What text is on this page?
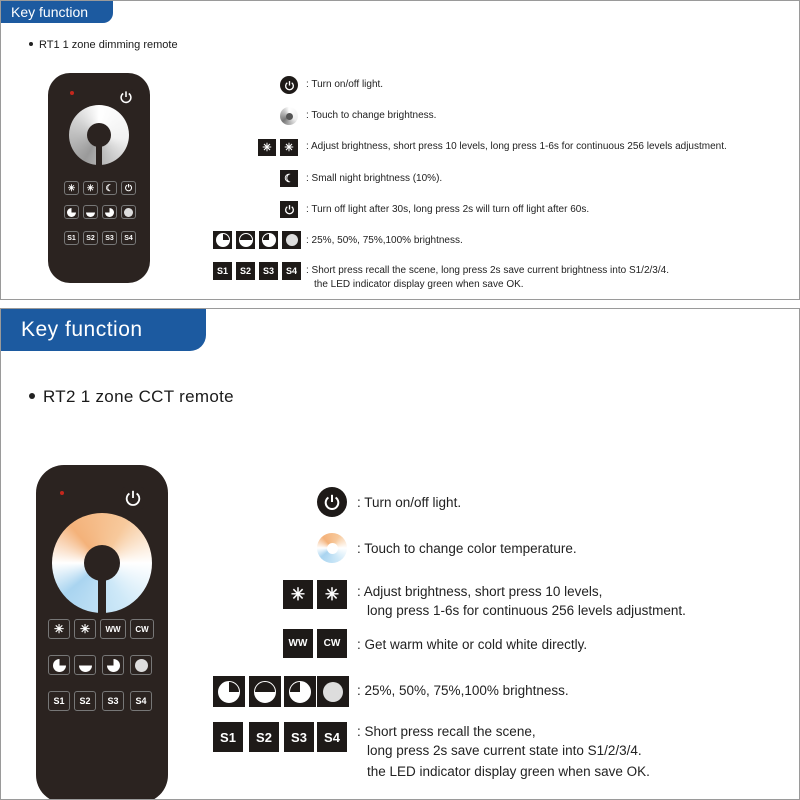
Key function
RT1 1 zone dimming remote
✳	✳	☾	⏻
S1	S2	S3	S4
: Turn on/off light.
: Touch to change brightness.
✳	✳	: Adjust brightness, short press 10 levels, long press 1-6s for continuous 256 levels adjustment.
☾	: Small night brightness (10%).
: Turn off light after 30s, long press 2s will turn off light after 60s.
: 25%, 50%, 75%,100% brightness.
S1	S2	S3	S4 : Short press recall the scene, long press 2s save current brightness into S1/2/3/4.
the LED indicator display green when save OK.
Key function
RT2 1 zone CCT remote
✳	✳	WW	CW
S1	S2	S3	S4
: Turn on/off light.
: Touch to change color temperature.
✳	✳	: Adjust brightness, short press 10 levels,
long press 1-6s for continuous 256 levels adjustment.
WW	CW	: Get warm white or cold white directly.
: 25%, 50%, 75%,100% brightness.
S1	S2	S3	S4	: Short press recall the scene,
long press 2s save current state into S1/2/3/4.
the LED indicator display green when save OK.
